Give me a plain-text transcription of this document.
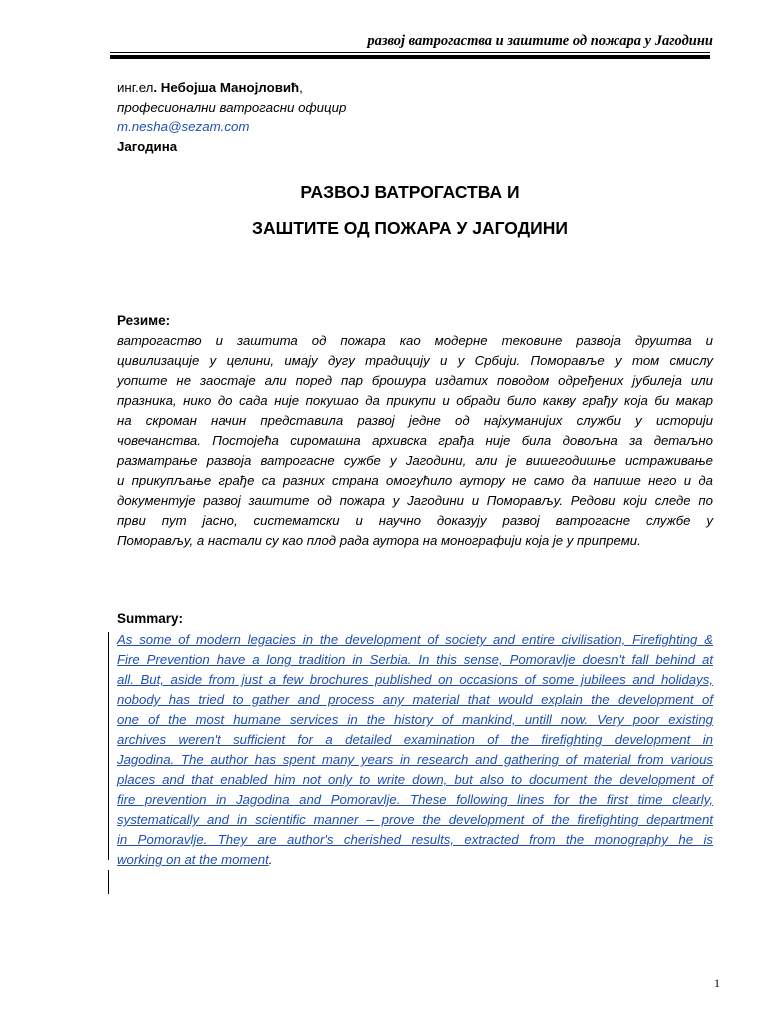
развој ватрогаства и заштите од пожара у Јагодини
инг.ел. Небојша Манојловић,
професионални ватрогасни официр
m.nesha@sezam.com
Јагодина
РАЗВОЈ ВАТРОГАСТВА И
ЗАШТИТЕ ОД ПОЖАРА У ЈАГОДИНИ
Резиме:
ватрогаство и заштита од пожара као модерне тековине развоја друштва и
цивилизације у целини, имају дугу традицију и у Србији. Поморавље у том смислу
уопште не заостаје али поред пар брошура издатих поводом одређених јубилеја или
празника, нико до сада није покушао да прикупи и обради било какву грађу која би макар
на скроман начин представила развој једне од најхуманијих служби у историји
човечанства. Постојећа сиромашна архивска грађа није била довољна за детаљно
разматрање развоја ватрогасне сужбе у Јагодини, али је вишегодишње истраживање
и прикупљање грађе са разних страна омогућило аутору не само да напише него и да
документује развој заштите од пожара у Јагодини и Поморављу. Редови који следе по
први пут јасно, систематски и научно доказују развој ватрогасне службе у
Поморављу, а настали су као плод рада аутора на монографији која је у припреми.
Summary:
As some of modern legacies in the development of society and entire civilisation, Firefighting &
Fire Prevention have a long tradition in Serbia. In this sense, Pomoravlje doesn't fall behind at
all. But, aside from just a few brochures published on occasions of some jubilees and holidays,
nobody has tried to gather and process any material that would explain the development of
one of the most humane services in the history of mankind, untill now. Very poor existing
archives weren't sufficient for a detailed examination of the firefighting development in
Jagodina. The author has spent many years in research and gathering of material from various
places and that enabled him not only to write down, but also to document the development of
fire prevention in Jagodina and Pomoravlje. These following lines for the first time clearly,
systematically and in scientific manner – prove the development of the firefighting department
in Pomoravlje. They are author's cherished results, extracted from the monography he is
working on at the moment.
1
